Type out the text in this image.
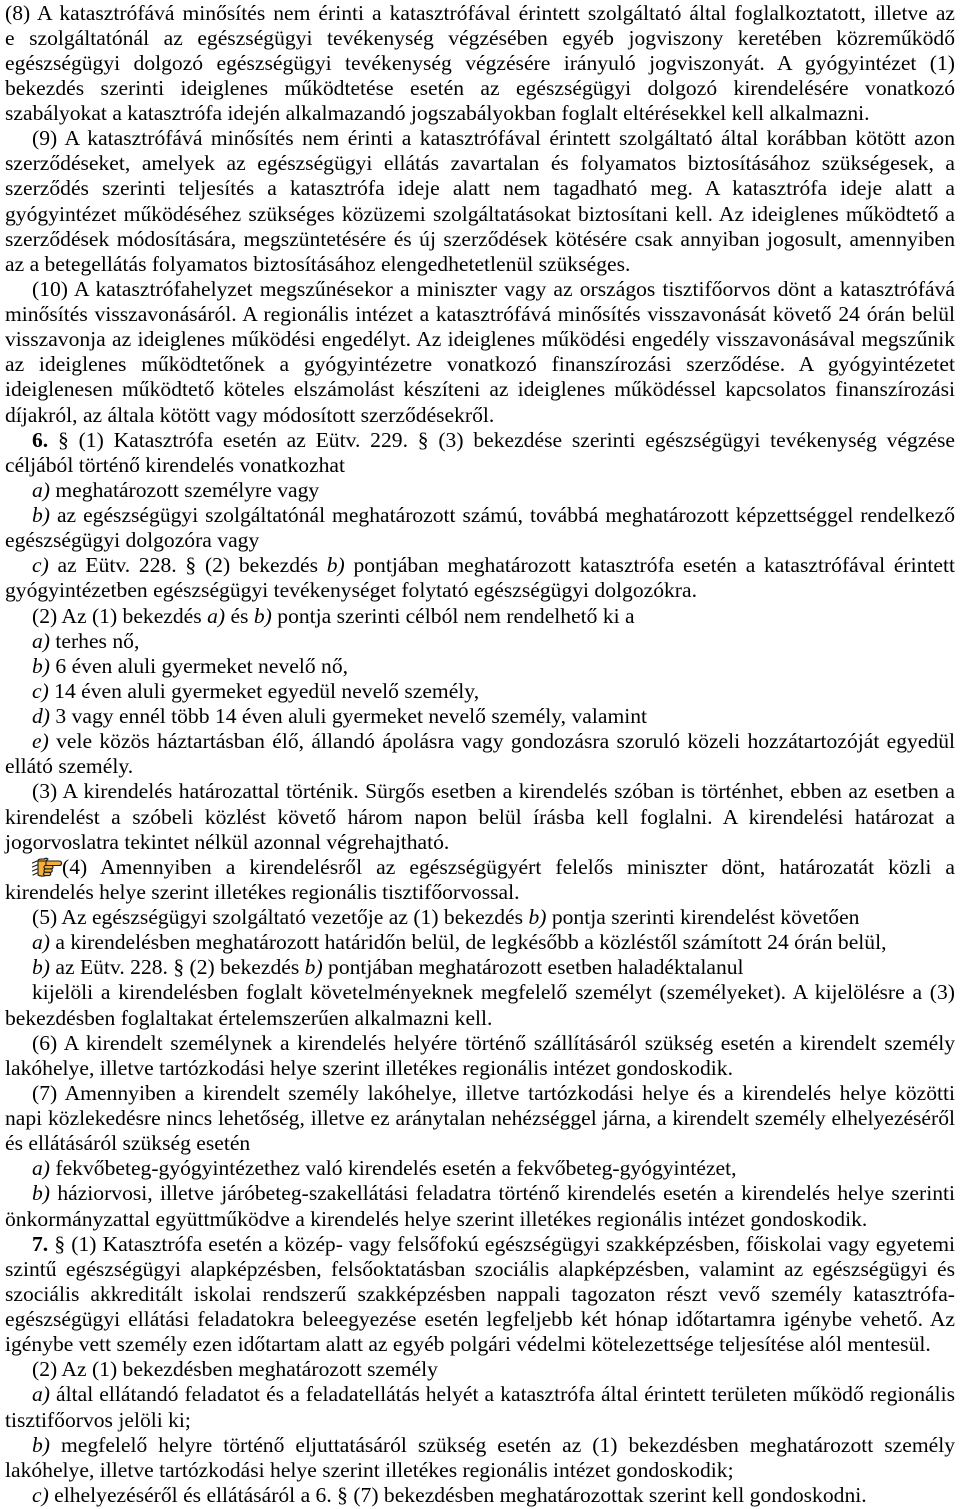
(8) A katasztrófává minősítés nem érinti a katasztrófával érintett szolgáltató által foglalkoztatott, illetve az
e szolgáltatónál az egészségügyi tevékenység végzésében egyéb jogviszony keretében közreműködő
egészségügyi dolgozó egészségügyi tevékenység végzésére irányuló jogviszonyát. A gyógyintézet (1)
bekezdés szerinti ideiglenes működtetése esetén az egészségügyi dolgozó kirendelésére vonatkozó
szabályokat a katasztrófa idején alkalmazandó jogszabályokban foglalt eltérésekkel kell alkalmazni.
(9) A katasztrófává minősítés nem érinti a katasztrófával érintett szolgáltató által korábban kötött azon
szerződéseket, amelyek az egészségügyi ellátás zavartalan és folyamatos biztosításához szükségesek, a
szerződés szerinti teljesítés a katasztrófa ideje alatt nem tagadható meg. A katasztrófa ideje alatt a
gyógyintézet működéséhez szükséges közüzemi szolgáltatásokat biztosítani kell. Az ideiglenes működtető a
szerződések módosítására, megszüntetésére és új szerződések kötésére csak annyiban jogosult, amennyiben
az a betegellátás folyamatos biztosításához elengedhetetlenül szükséges.
(10) A katasztrófahelyzet megszűnésekor a miniszter vagy az országos tisztifőorvos dönt a katasztrófává
minősítés visszavonásáról. A regionális intézet a katasztrófává minősítés visszavonását követő 24 órán belül
visszavonja az ideiglenes működési engedélyt. Az ideiglenes működési engedély visszavonásával megszűnik
az ideiglenes működtetőnek a gyógyintézetre vonatkozó finanszírozási szerződése. A gyógyintézetet
ideiglenesen működtető köteles elszámolást készíteni az ideiglenes működéssel kapcsolatos finanszírozási
díjakról, az általa kötött vagy módosított szerződésekről.
6. § (1) Katasztrófa esetén az Eütv. 229. § (3) bekezdése szerinti egészségügyi tevékenység végzése
céljából történő kirendelés vonatkozhat
a) meghatározott személyre vagy
b) az egészségügyi szolgáltatónál meghatározott számú, továbbá meghatározott képzettséggel rendelkező
egészségügyi dolgozóra vagy
c) az Eütv. 228. § (2) bekezdés b) pontjában meghatározott katasztrófa esetén a katasztrófával érintett
gyógyintézetben egészségügyi tevékenységet folytató egészségügyi dolgozókra.
(2) Az (1) bekezdés a) és b) pontja szerinti célból nem rendelhető ki a
a) terhes nő,
b) 6 éven aluli gyermeket nevelő nő,
c) 14 éven aluli gyermeket egyedül nevelő személy,
d) 3 vagy ennél több 14 éven aluli gyermeket nevelő személy, valamint
e) vele közös háztartásban élő, állandó ápolásra vagy gondozásra szoruló közeli hozzátartozóját egyedül
ellátó személy.
(3) A kirendelés határozattal történik. Sürgős esetben a kirendelés szóban is történhet, ebben az esetben a
kirendelést a szóbeli közlést követő három napon belül írásba kell foglalni. A kirendelési határozat a
jogorvoslatra tekintet nélkül azonnal végrehajtható.
(4) Amennyiben a kirendelésről az egészségügyért felelős miniszter dönt, határozatát közli a
kirendelés helye szerint illetékes regionális tisztifőorvossal.
(5) Az egészségügyi szolgáltató vezetője az (1) bekezdés b) pontja szerinti kirendelést követően
a) a kirendelésben meghatározott határidőn belül, de legkésőbb a közléstől számított 24 órán belül,
b) az Eütv. 228. § (2) bekezdés b) pontjában meghatározott esetben haladéktalanul
kijelöli a kirendelésben foglalt követelményeknek megfelelő személyt (személyeket). A kijelölésre a (3)
bekezdésben foglaltakat értelemszerűen alkalmazni kell.
(6) A kirendelt személynek a kirendelés helyére történő szállításáról szükség esetén a kirendelt személy
lakóhelye, illetve tartózkodási helye szerint illetékes regionális intézet gondoskodik.
(7) Amennyiben a kirendelt személy lakóhelye, illetve tartózkodási helye és a kirendelés helye közötti
napi közlekedésre nincs lehetőség, illetve ez aránytalan nehézséggel járna, a kirendelt személy elhelyezéséről
és ellátásáról szükség esetén
a) fekvőbeteg-gyógyintézethez való kirendelés esetén a fekvőbeteg-gyógyintézet,
b) háziorvosi, illetve járóbeteg-szakellátási feladatra történő kirendelés esetén a kirendelés helye szerinti
önkormányzattal együttműködve a kirendelés helye szerint illetékes regionális intézet gondoskodik.
7. § (1) Katasztrófa esetén a közép- vagy felsőfokú egészségügyi szakképzésben, főiskolai vagy egyetemi
szintű egészségügyi alapképzésben, felsőoktatásban szociális alapképzésben, valamint az egészségügyi és
szociális akkreditált iskolai rendszerű szakképzésben nappali tagozaton részt vevő személy katasztrófa-
egészségügyi ellátási feladatokra beleegyezése esetén legfeljebb két hónap időtartamra igénybe vehető. Az
igénybe vett személy ezen időtartam alatt az egyéb polgári védelmi kötelezettsége teljesítése alól mentesül.
(2) Az (1) bekezdésben meghatározott személy
a) által ellátandó feladatot és a feladatellátás helyét a katasztrófa által érintett területen működő regionális
tisztifőorvos jelöli ki;
b) megfelelő helyre történő eljuttatásáról szükség esetén az (1) bekezdésben meghatározott személy
lakóhelye, illetve tartózkodási helye szerint illetékes regionális intézet gondoskodik;
c) elhelyezéséről és ellátásáról a 6. § (7) bekezdésben meghatározottak szerint kell gondoskodni.
